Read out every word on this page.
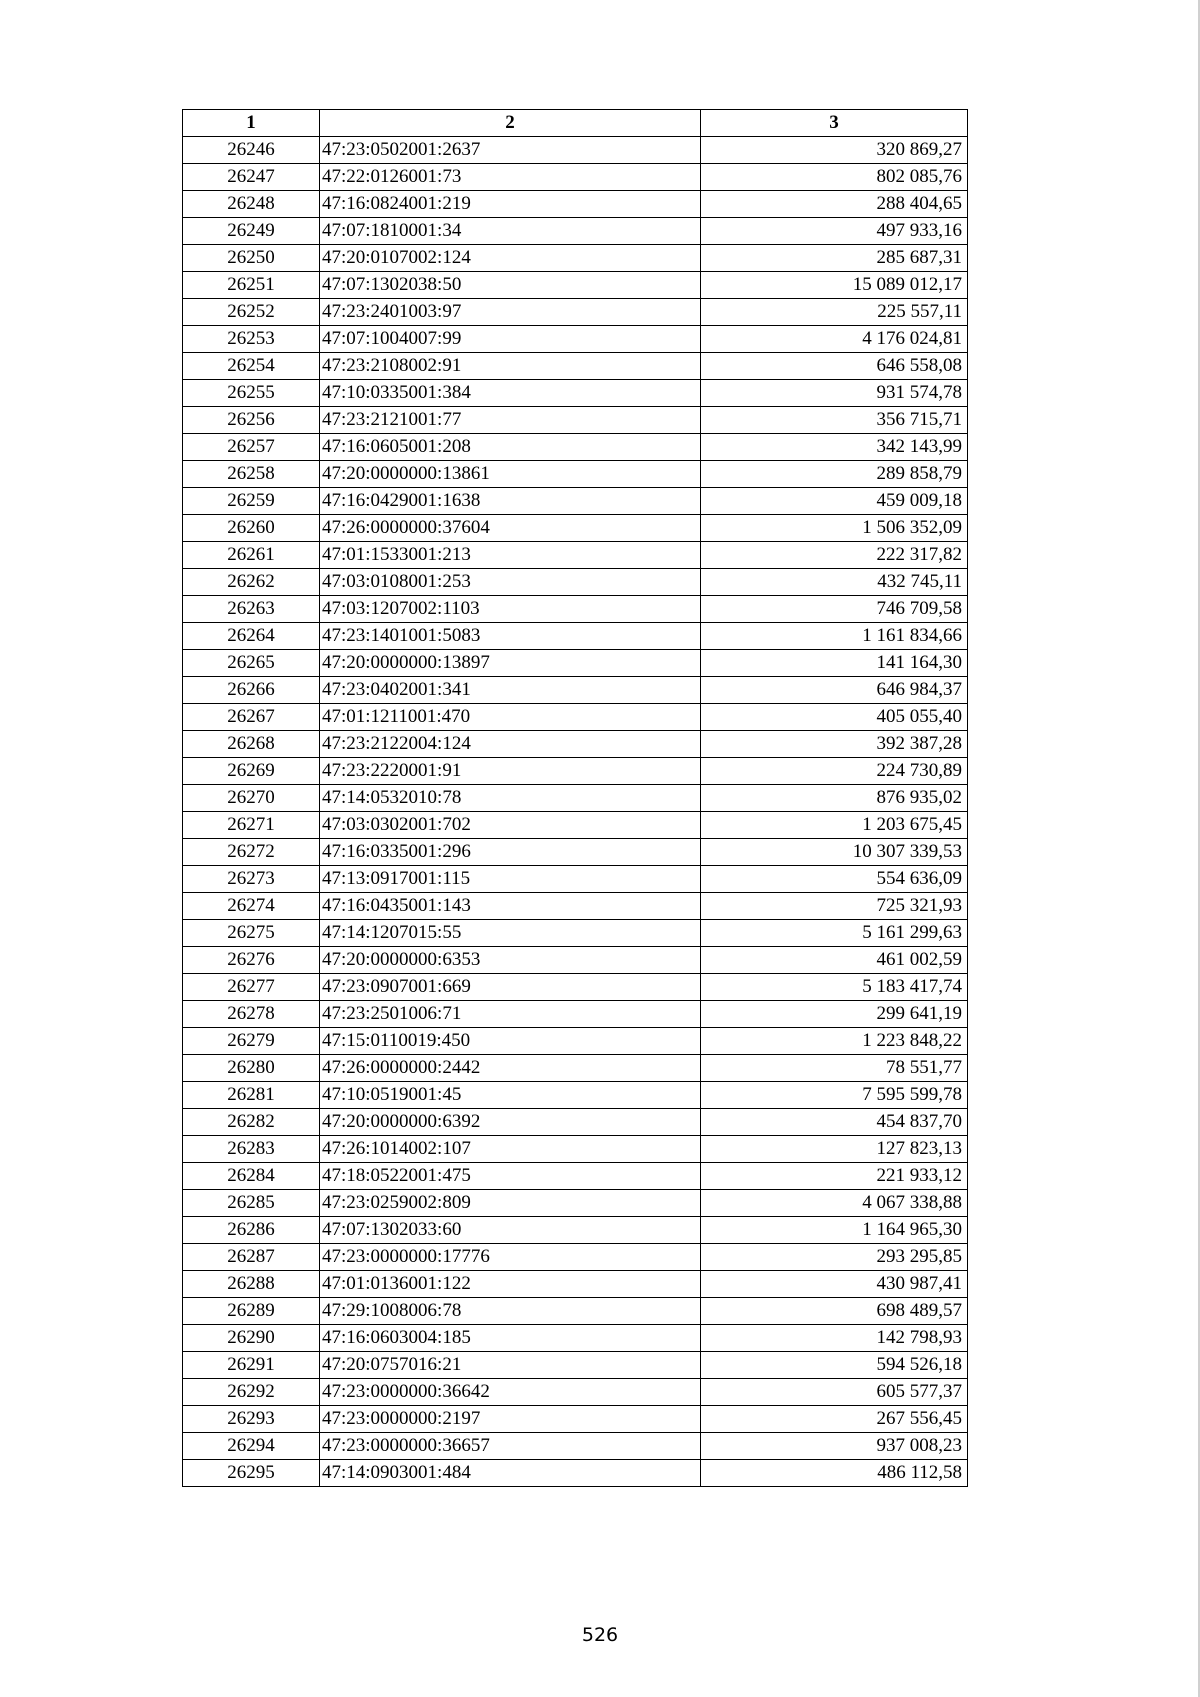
1	2	3
26246	47:23:0502001:2637	320 869,27
26247	47:22:0126001:73	802 085,76
26248	47:16:0824001:219	288 404,65
26249	47:07:1810001:34	497 933,16
26250	47:20:0107002:124	285 687,31
26251	47:07:1302038:50	15 089 012,17
26252	47:23:2401003:97	225 557,11
26253	47:07:1004007:99	4 176 024,81
26254	47:23:2108002:91	646 558,08
26255	47:10:0335001:384	931 574,78
26256	47:23:2121001:77	356 715,71
26257	47:16:0605001:208	342 143,99
26258	47:20:0000000:13861	289 858,79
26259	47:16:0429001:1638	459 009,18
26260	47:26:0000000:37604	1 506 352,09
26261	47:01:1533001:213	222 317,82
26262	47:03:0108001:253	432 745,11
26263	47:03:1207002:1103	746 709,58
26264	47:23:1401001:5083	1 161 834,66
26265	47:20:0000000:13897	141 164,30
26266	47:23:0402001:341	646 984,37
26267	47:01:1211001:470	405 055,40
26268	47:23:2122004:124	392 387,28
26269	47:23:2220001:91	224 730,89
26270	47:14:0532010:78	876 935,02
26271	47:03:0302001:702	1 203 675,45
26272	47:16:0335001:296	10 307 339,53
26273	47:13:0917001:115	554 636,09
26274	47:16:0435001:143	725 321,93
26275	47:14:1207015:55	5 161 299,63
26276	47:20:0000000:6353	461 002,59
26277	47:23:0907001:669	5 183 417,74
26278	47:23:2501006:71	299 641,19
26279	47:15:0110019:450	1 223 848,22
26280	47:26:0000000:2442	78 551,77
26281	47:10:0519001:45	7 595 599,78
26282	47:20:0000000:6392	454 837,70
26283	47:26:1014002:107	127 823,13
26284	47:18:0522001:475	221 933,12
26285	47:23:0259002:809	4 067 338,88
26286	47:07:1302033:60	1 164 965,30
26287	47:23:0000000:17776	293 295,85
26288	47:01:0136001:122	430 987,41
26289	47:29:1008006:78	698 489,57
26290	47:16:0603004:185	142 798,93
26291	47:20:0757016:21	594 526,18
26292	47:23:0000000:36642	605 577,37
26293	47:23:0000000:2197	267 556,45
26294	47:23:0000000:36657	937 008,23
26295	47:14:0903001:484	486 112,58
526
